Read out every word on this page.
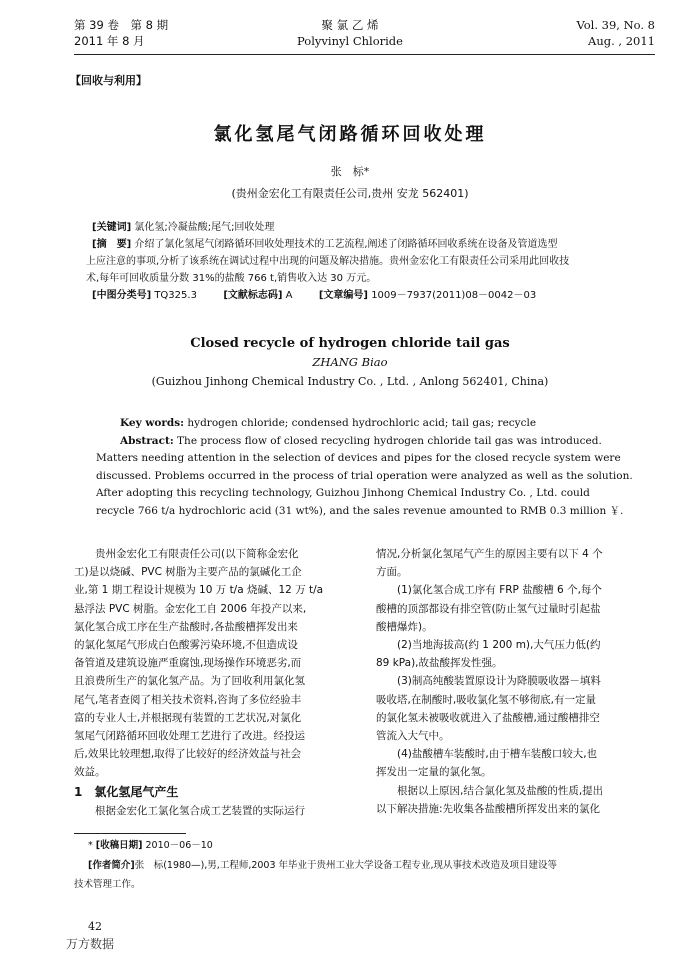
第 39 卷　第 8 期
2011 年 8 月
聚 氯 乙 烯
Polyvinyl Chloride
Vol. 39, No. 8
Aug. , 2011
【回收与利用】
氯化氢尾气闭路循环回收处理
张　标*
(贵州金宏化工有限责任公司,贵州 安龙 562401)
[关键词] 氯化氢;冷凝盐酸;尾气;回收处理
[摘　要] 介绍了氯化氢尾气闭路循环回收处理技术的工艺流程,阐述了闭路循环回收系统在设备及管道选型
上应注意的事项,分析了该系统在调试过程中出现的问题及解决措施。贵州金宏化工有限责任公司采用此回收技
术,每年可回收质量分数 31%的盐酸 766 t,销售收入达 30 万元。
[中图分类号] TQ325.3	[文献标志码] A	[文章编号] 1009－7937(2011)08－0042－03
Closed recycle of hydrogen chloride tail gas
ZHANG Biao
(Guizhou Jinhong Chemical Industry Co. , Ltd. , Anlong 562401, China)
Key words: hydrogen chloride; condensed hydrochloric acid; tail gas; recycle
Abstract: The process flow of closed recycling hydrogen chloride tail gas was introduced.
Matters needing attention in the selection of devices and pipes for the closed recycle system were
discussed. Problems occurred in the process of trial operation were analyzed as well as the solution.
After adopting this recycling technology, Guizhou Jinhong Chemical Industry Co. , Ltd. could
recycle 766 t/a hydrochloric acid (31 wt%), and the sales revenue amounted to RMB 0.3 million ￥.
贵州金宏化工有限责任公司(以下简称金宏化
工)是以烧碱、PVC 树脂为主要产品的氯碱化工企
业,第 1 期工程设计规模为 10 万 t/a 烧碱、12 万 t/a
悬浮法 PVC 树脂。金宏化工自 2006 年投产以来,
氯化氢合成工序在生产盐酸时,各盐酸槽挥发出来
的氯化氢尾气形成白色酸雾污染环境,不但造成设
备管道及建筑设施严重腐蚀,现场操作环境恶劣,而
且浪费所生产的氯化氢产品。为了回收利用氯化氢
尾气,笔者查阅了相关技术资料,咨询了多位经验丰
富的专业人士,并根据现有装置的工艺状况,对氯化
氢尾气闭路循环回收处理工艺进行了改进。经投运
后,效果比较理想,取得了比较好的经济效益与社会
效益。
1　氯化氢尾气产生
根据金宏化工氯化氢合成工艺装置的实际运行
情况,分析氯化氢尾气产生的原因主要有以下 4 个
方面。
(1)氯化氢合成工序有 FRP 盐酸槽 6 个,每个
酸槽的顶部都设有排空管(防止氢气过量时引起盐
酸槽爆炸)。
(2)当地海拔高(约 1 200 m),大气压力低(约
89 kPa),故盐酸挥发性强。
(3)制高纯酸装置原设计为降膜吸收器－填料
吸收塔,在制酸时,吸收氯化氢不够彻底,有一定量
的氯化氢未被吸收就进入了盐酸槽,通过酸槽排空
管流入大气中。
(4)盐酸槽车装酸时,由于槽车装酸口较大,也
挥发出一定量的氯化氢。
根据以上原因,结合氯化氢及盐酸的性质,提出
以下解决措施:先收集各盐酸槽所挥发出来的氯化
* [收稿日期] 2010－06－10
[作者简介]张　标(1980—),男,工程师,2003 年毕业于贵州工业大学设备工程专业,现从事技术改造及项目建设等
技术管理工作。
42
万方数据
